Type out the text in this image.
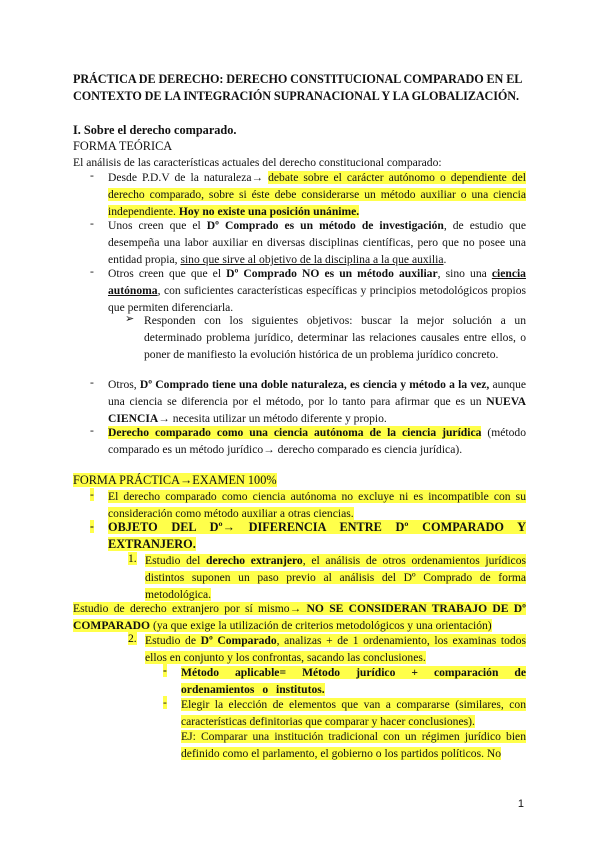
PRÁCTICA DE DERECHO: DERECHO CONSTITUCIONAL COMPARADO EN EL CONTEXTO DE LA INTEGRACIÓN SUPRANACIONAL Y LA GLOBALIZACIÓN.
I. Sobre el derecho comparado.
FORMA TEÓRICA
El análisis de las características actuales del derecho constitucional comparado:
- Desde P.D.V de la naturaleza→ debate sobre el carácter autónomo o dependiente del derecho comparado, sobre si éste debe considerarse un método auxiliar o una ciencia independiente. Hoy no existe una posición unánime.
- Unos creen que el Dº Comprado es un método de investigación, de estudio que desempeña una labor auxiliar en diversas disciplinas científicas, pero que no posee una entidad propia, sino que sirve al objetivo de la disciplina a la que auxilia.
- Otros creen que que el Dº Comprado NO es un método auxiliar, sino una ciencia autónoma, con suficientes características específicas y principios metodológicos propios que permiten diferenciarla.
➢ Responden con los siguientes objetivos: buscar la mejor solución a un determinado problema jurídico, determinar las relaciones causales entre ellos, o poner de manifiesto la evolución histórica de un problema jurídico concreto.
- Otros, Dº Comprado tiene una doble naturaleza, es ciencia y método a la vez, aunque una ciencia se diferencia por el método, por lo tanto para afirmar que es un NUEVA CIENCIA→ necesita utilizar un método diferente y propio.
- Derecho comparado como una ciencia autónoma de la ciencia jurídica (método comparado es un método jurídico→ derecho comparado es ciencia jurídica).
FORMA PRÁCTICA→EXAMEN 100%
- El derecho comparado como ciencia autónoma no excluye ni es incompatible con su consideración como método auxiliar a otras ciencias.
- OBJETO DEL Dº→ DIFERENCIA ENTRE Dº COMPARADO Y EXTRANJERO.
1. Estudio del derecho extranjero, el análisis de otros ordenamientos jurídicos distintos suponen un paso previo al análisis del Dº Comprado de forma metodológica.
Estudio de derecho extranjero por sí mismo→ NO SE CONSIDERAN TRABAJO DE Dº COMPARADO (ya que exige la utilización de criterios metodológicos y una orientación)
2. Estudio de Dº Comparado, analizas + de 1 ordenamiento, los examinas todos ellos en conjunto y los confrontas, sacando las conclusiones.
- Método aplicable= Método jurídico + comparación de ordenamientos o institutos.
- Elegir la elección de elementos que van a compararse (similares, con características definitorias que comparar y hacer conclusiones).
EJ: Comparar una institución tradicional con un régimen jurídico bien definido como el parlamento, el gobierno o los partidos políticos. No
1
